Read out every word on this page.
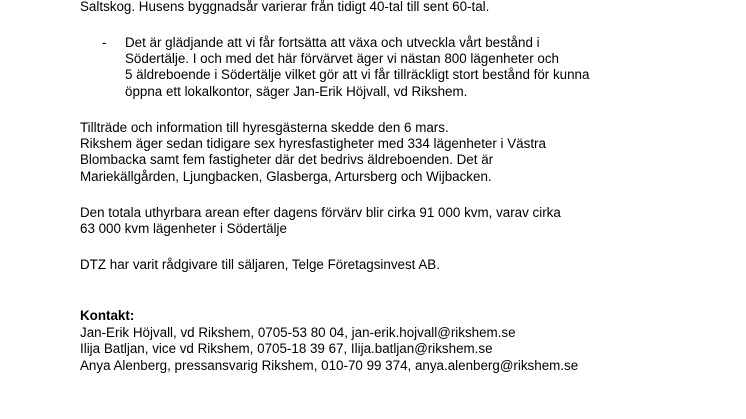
Saltskog. Husens byggnadsår varierar från tidigt 40-tal till sent 60-tal.
- Det är glädjande att vi får fortsätta att växa och utveckla vårt bestånd i
Södertälje. I och med det här förvärvet äger vi nästan 800 lägenheter och
5 äldreboende i Södertälje vilket gör att vi får tillräckligt stort bestånd för kunna
öppna ett lokalkontor, säger Jan-Erik Höjvall, vd Rikshem.
Tillträde och information till hyresgästerna skedde den 6 mars.
Rikshem äger sedan tidigare sex hyresfastigheter med 334 lägenheter i Västra
Blombacka samt fem fastigheter där det bedrivs äldreboenden. Det är
Mariekällgården, Ljungbacken, Glasberga, Artursberg och Wijbacken.
Den totala uthyrbara arean efter dagens förvärv blir cirka 91 000 kvm, varav cirka
63 000 kvm lägenheter i Södertälje
DTZ har varit rådgivare till säljaren, Telge Företagsinvest AB.
Kontakt:
Jan-Erik Höjvall, vd Rikshem, 0705-53 80 04, jan-erik.hojvall@rikshem.se
Ilija Batljan, vice vd Rikshem, 0705-18 39 67, Ilija.batljan@rikshem.se
Anya Alenberg, pressansvarig Rikshem, 010-70 99 374, anya.alenberg@rikshem.se
